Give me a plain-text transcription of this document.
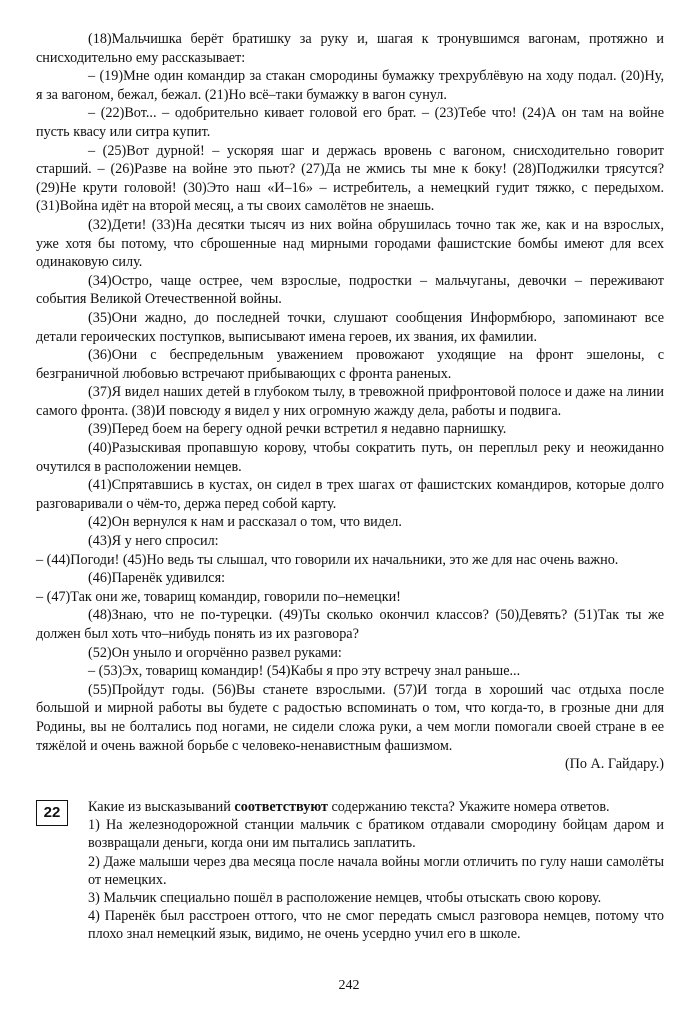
(18)Мальчишка берёт братишку за руку и, шагая к тронувшимся вагонам, протяжно и снисходительно ему рассказывает:

– (19)Мне один командир за стакан смородины бумажку трехрублёвую на ходу подал. (20)Ну, я за вагоном, бежал, бежал. (21)Но всё–таки бумажку в вагон сунул.

– (22)Вот... – одобрительно кивает головой его брат. – (23)Тебе что! (24)А он там на войне пусть квасу или ситра купит.

– (25)Вот дурной! – ускоряя шаг и держась вровень с вагоном, снисходительно говорит старший. – (26)Разве на войне это пьют? (27)Да не жмись ты мне к боку! (28)Поджилки трясутся? (29)Не крути головой! (30)Это наш «И–16» – истребитель, а немецкий гудит тяжко, с передыхом. (31)Война идёт на второй месяц, а ты своих самолётов не знаешь.

(32)Дети! (33)На десятки тысяч из них война обрушилась точно так же, как и на взрослых, уже хотя бы потому, что сброшенные над мирными городами фашистские бомбы имеют для всех одинаковую силу.

(34)Остро, чаще острее, чем взрослые, подростки – мальчуганы, девочки – переживают события Великой Отечественной войны.

(35)Они жадно, до последней точки, слушают сообщения Информбюро, запоминают все детали героических поступков, выписывают имена героев, их звания, их фамилии.

(36)Они с беспредельным уважением провожают уходящие на фронт эшелоны, с безграничной любовью встречают прибывающих с фронта раненых.

(37)Я видел наших детей в глубоком тылу, в тревожной прифронтовой полосе и даже на линии самого фронта. (38)И повсюду я видел у них огромную жажду дела, работы и подвига.

(39)Перед боем на берегу одной речки встретил я недавно парнишку.

(40)Разыскивая пропавшую корову, чтобы сократить путь, он переплыл реку и неожиданно очутился в расположении немцев.

(41)Спрятавшись в кустах, он сидел в трех шагах от фашистских командиров, которые долго разговаривали о чём-то, держа перед собой карту.

(42)Он вернулся к нам и рассказал о том, что видел.

(43)Я у него спросил:

– (44)Погоди! (45)Но ведь ты слышал, что говорили их начальники, это же для нас очень важно.

(46)Паренёк удивился:

– (47)Так они же, товарищ командир, говорили по–немецки!

(48)Знаю, что не по-турецки. (49)Ты сколько окончил классов? (50)Девять? (51)Так ты же должен был хоть что–нибудь понять из их разговора?

(52)Он уныло и огорчённо развел руками:

– (53)Эх, товарищ командир! (54)Кабы я про эту встречу знал раньше...

(55)Пройдут годы. (56)Вы станете взрослыми. (57)И тогда в хороший час отдыха после большой и мирной работы вы будете с радостью вспоминать о том, что когда-то, в грозные дни для Родины, вы не болтались под ногами, не сидели сложа руки, а чем могли помогали своей стране в ее тяжёлой и очень важной борьбе с человеко-ненавистным фашизмом.

(По А. Гайдару.)

22	Какие из высказываний соответствуют содержанию текста? Укажите номера ответов.

1) На железнодорожной станции мальчик с братиком отдавали смородину бойцам даром и возвращали деньги, когда они им пытались заплатить.

2) Даже малыши через два месяца после начала войны могли отличить по гулу наши самолёты от немецких.

3) Мальчик специально пошёл в расположение немцев, чтобы отыскать свою корову.

4) Паренёк был расстроен оттого, что не смог передать смысл разговора немцев, потому что плохо знал немецкий язык, видимо, не очень усердно учил его в школе.

242
